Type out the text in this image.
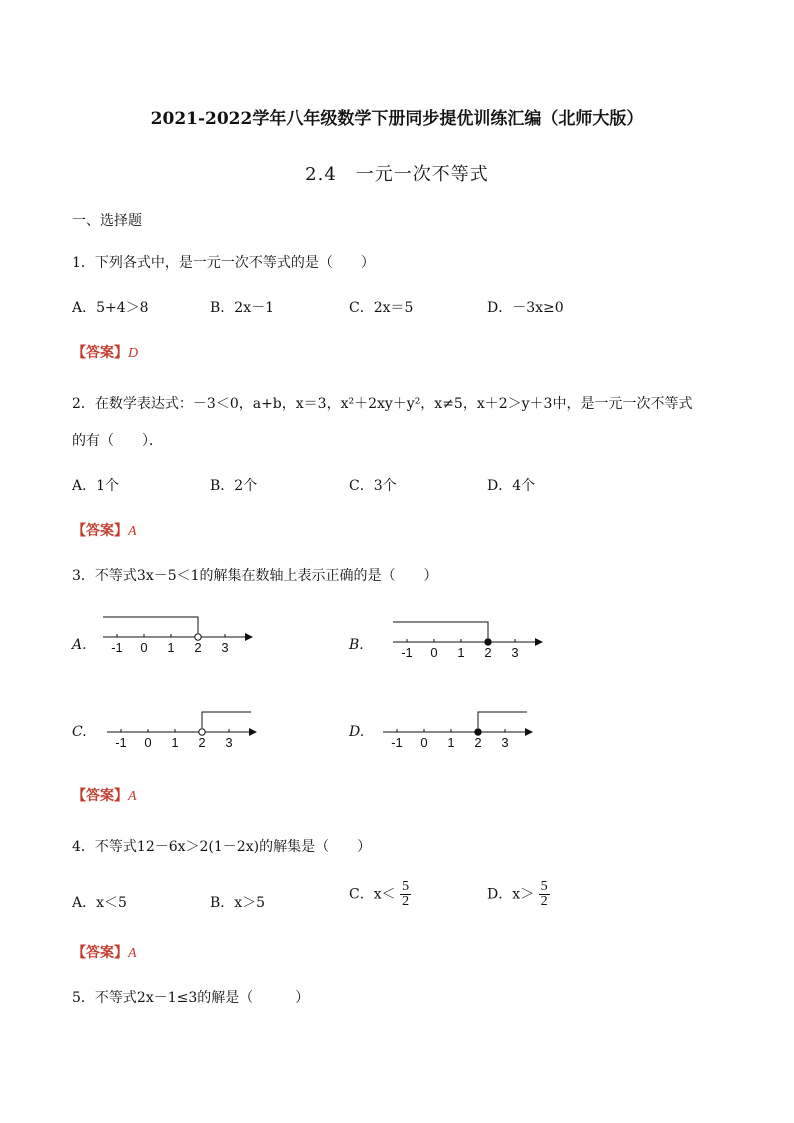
2021-2022学年八年级数学下册同步提优训练汇编（北师大版）
2.4　一元一次不等式
一、选择题
1．下列各式中，是一元一次不等式的是（　　）
A．5+4＞8	B．2x－1	C．2x＝5	D．－3x≥0
【答案】D
2．在数学表达式：－3＜0，a+b，x＝3，x²＋2xy＋y²，x≠5，x＋2＞y＋3中，是一元一次不等式
的有（　　）．
A．1个	B．2个	C．3个	D．4个
【答案】A
3．不等式3x－5＜1的解集在数轴上表示正确的是（　　）
A. -1 0 1 2 3	B.	-1 0 1 2 3
C.
-1 0 1 2 3
D.
-1 0 1 2 3
【答案】A
4．不等式12－6x＞2(1－2x)的解集是（　　）
A．x＜5	B．x＞5
C．$x< \frac{5}{2}$	D．$x> \frac{5}{2}$
【答案】A
5．不等式2x－1≤3的解是（　　　）
